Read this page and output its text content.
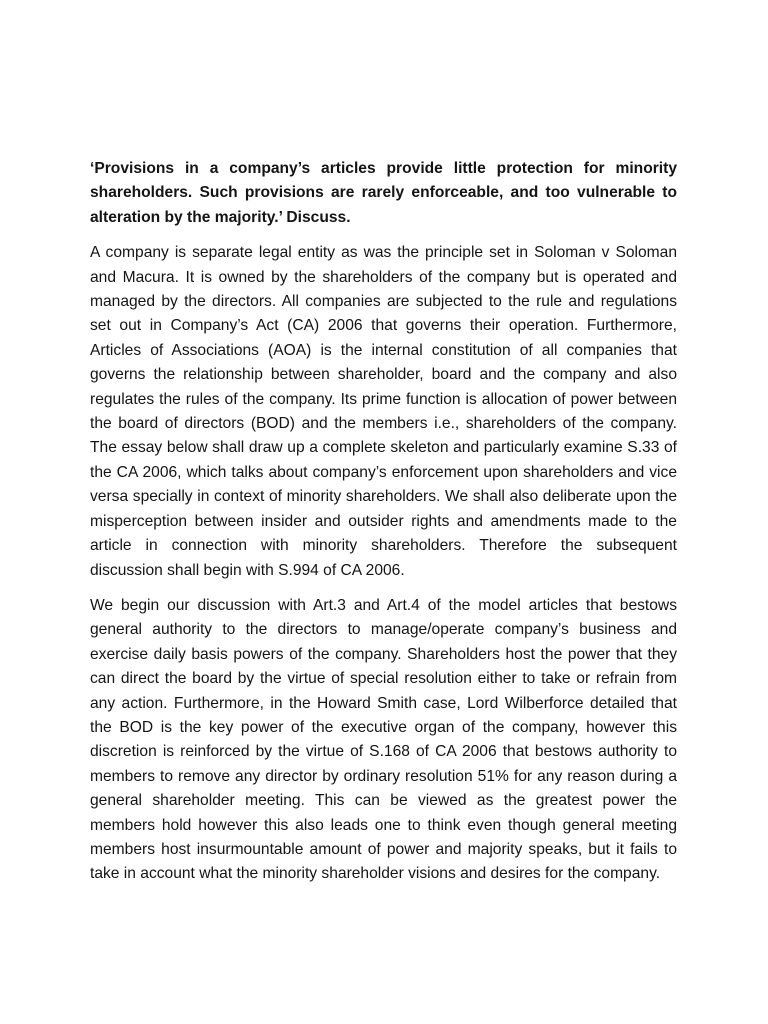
‘Provisions in a company’s articles provide little protection for minority shareholders. Such provisions are rarely enforceable, and too vulnerable to alteration by the majority.’ Discuss.

A company is separate legal entity as was the principle set in Soloman v Soloman and Macura. It is owned by the shareholders of the company but is operated and managed by the directors. All companies are subjected to the rule and regulations set out in Company’s Act (CA) 2006 that governs their operation. Furthermore, Articles of Associations (AOA) is the internal constitution of all companies that governs the relationship between shareholder, board and the company and also regulates the rules of the company. Its prime function is allocation of power between the board of directors (BOD) and the members i.e., shareholders of the company. The essay below shall draw up a complete skeleton and particularly examine S.33 of the CA 2006, which talks about company’s enforcement upon shareholders and vice versa specially in context of minority shareholders. We shall also deliberate upon the misperception between insider and outsider rights and amendments made to the article in connection with minority shareholders. Therefore the subsequent discussion shall begin with S.994 of CA 2006.

We begin our discussion with Art.3 and Art.4 of the model articles that bestows general authority to the directors to manage/operate company’s business and exercise daily basis powers of the company. Shareholders host the power that they can direct the board by the virtue of special resolution either to take or refrain from any action. Furthermore, in the Howard Smith case, Lord Wilberforce detailed that the BOD is the key power of the executive organ of the company, however this discretion is reinforced by the virtue of S.168 of CA 2006 that bestows authority to members to remove any director by ordinary resolution 51% for any reason during a general shareholder meeting. This can be viewed as the greatest power the members hold however this also leads one to think even though general meeting members host insurmountable amount of power and majority speaks, but it fails to take in account what the minority shareholder visions and desires for the company.
